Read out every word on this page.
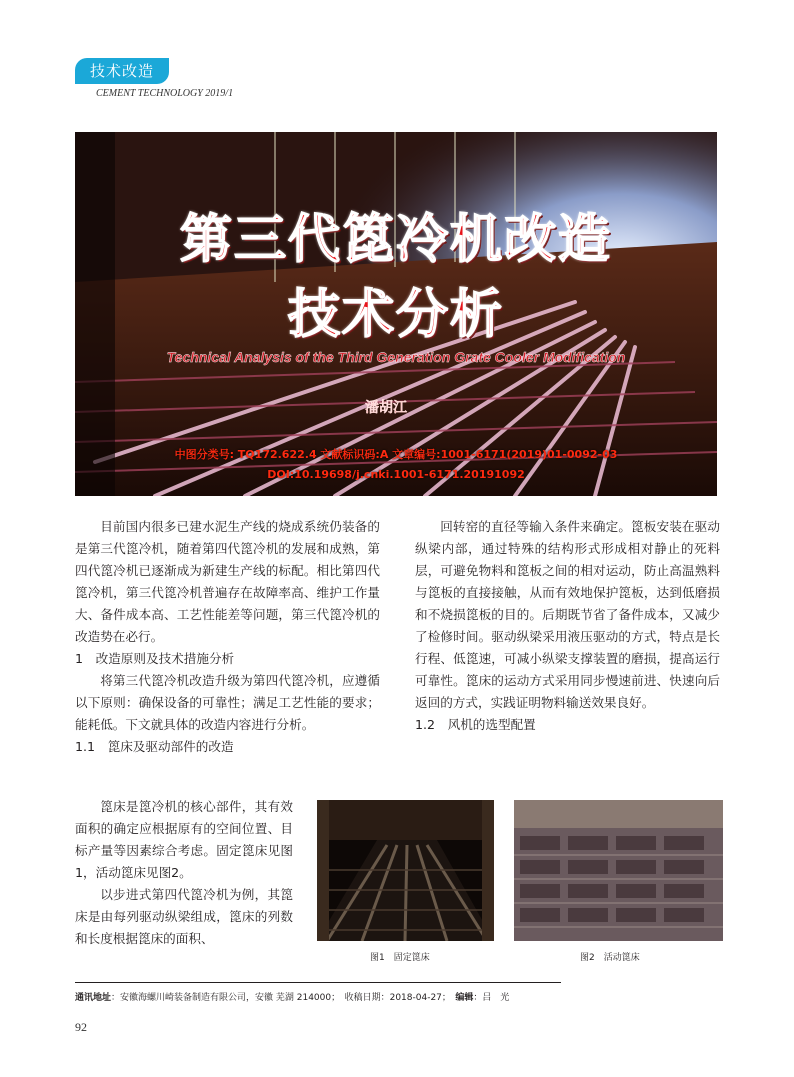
技术改造
CEMENT TECHNOLOGY 2019/1
第三代箆冷机改造
技术分析
Technical Analysis of the Third Generation Grate Cooler Modification
潘胡江
中图分类号: TQ172.622.4 文献标识码:A 文章编号:1001-6171(2019)01-0092-03
DOI:10.19698/j.cnki.1001-6171.20191092

目前国内很多已建水泥生产线的烧成系统仍装备的是第三代箆冷机，随着第四代箆冷机的发展和成熟，第四代箆冷机已逐渐成为新建生产线的标配。相比第四代箆冷机，第三代箆冷机普遍存在故障率高、维护工作量大、备件成本高、工艺性能差等问题，第三代箆冷机的改造势在必行。

1　改造原则及技术措施分析

将第三代箆冷机改造升级为第四代箆冷机，应遵循以下原则：确保设备的可靠性；满足工艺性能的要求；能耗低。下文就具体的改造内容进行分析。

1.1　箆床及驱动部件的改造

箆床是箆冷机的核心部件，其有效面积的确定应根据原有的空间位置、目标产量等因素综合考虑。固定箆床见图1，活动箆床见图2。

以步进式第四代箆冷机为例，其箆床是由每列驱动纵梁组成，箆床的列数和长度根据箆床的面积、

回转窑的直径等输入条件来确定。箆板安装在驱动纵梁内部，通过特殊的结构形式形成相对静止的死料层，可避免物料和箆板之间的相对运动，防止高温熟料与箆板的直接接触，从而有效地保护箆板，达到低磨损和不烧损箆板的目的。后期既节省了备件成本，又减少了检修时间。驱动纵梁采用液压驱动的方式，特点是长行程、低箆速，可减小纵梁支撑装置的磨损，提高运行可靠性。箆床的运动方式采用同步慢速前进、快速向后返回的方式，实践证明物料输送效果良好。

1.2　风机的选型配置
图1　固定箆床	图2　活动箆床
通讯地址：安徽海螺川崎装备制造有限公司，安徽 芜湖 214000；　收稿日期：2018-04-27；　编辑：吕　光
92
